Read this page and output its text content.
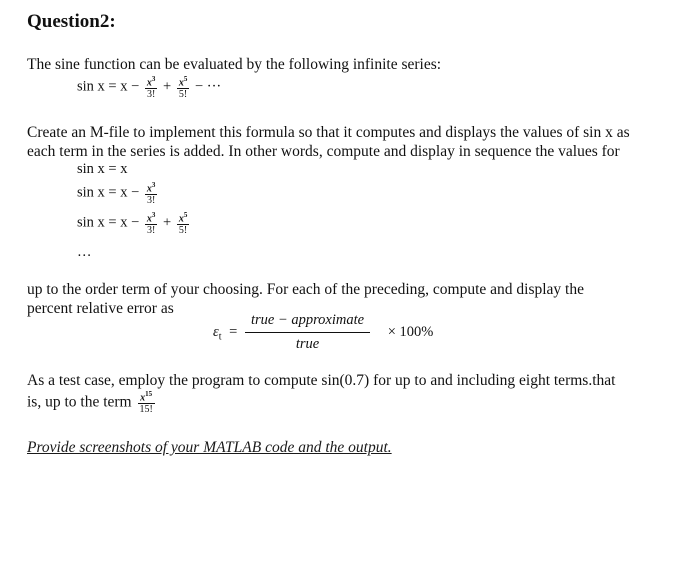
Question2:
The sine function can be evaluated by the following infinite series:
$\sin x = x - \frac{x^3}{3!} + \frac{x^5}{5!}$ − ···
Create an M-file to implement this formula so that it computes and displays the values of sin x as
each term in the series is added. In other words, compute and display in sequence the values for
sin x = x
$\sin x = x - \frac{x^3}{3!}$
$\sin x = x - \frac{x^3}{3!} + \frac{x^5}{5!}$
…
up to the order term of your choosing. For each of the preceding, compute and display the
percent relative error as
$\varepsilon_t = \frac{\text{true − approximate}}{\text{true}} \times 100\%$
As a test case, employ the program to compute sin(0.7) for up to and including eight terms.that
is, up to the term $\frac{x^{15}}{15!}$
Provide screenshots of your MATLAB code and the output.
